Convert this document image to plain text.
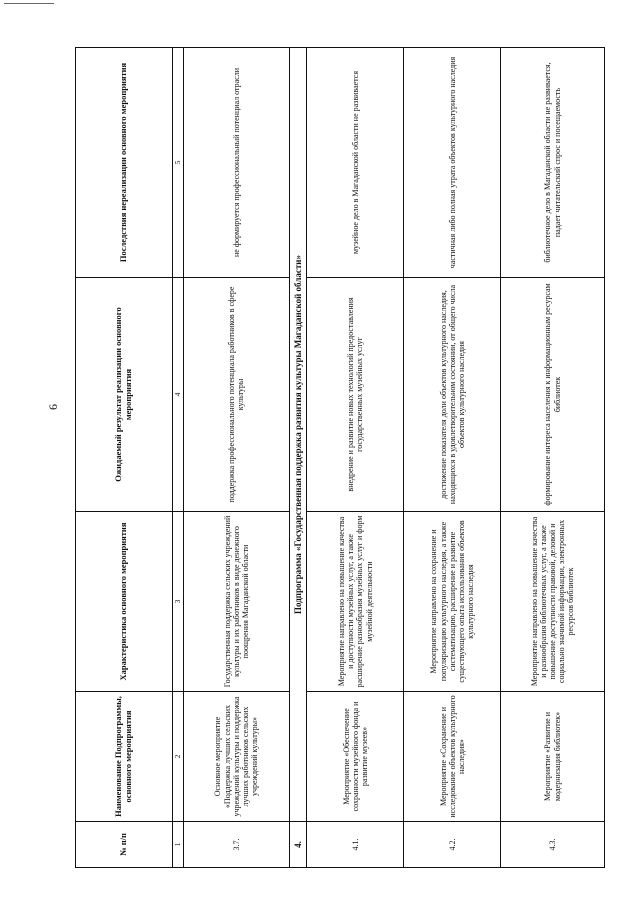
6
№ п/п	Наименование Подпрограммы, основного мероприятия	Характеристика основного мероприятия	Ожидаемый результат реализации основного мероприятия	Последствия нереализации основного мероприятия
1	2	3	4	5
3.7.	Основное мероприятие «Поддержка лучших сельских учреждений культуры и поддержка лучших работников сельских учреждений культуры»	Государственная поддержка сельских учреждений культуры и их работников в виде денежного поощрения Магаданской области	поддержка профессионального потенциала работников в сфере культуры	не формируется профессиональный потенциал отрасли
4.	Подпрограмма «Государственная поддержка развития культуры Магаданской области»			
4.1.	Мероприятие «Обеспечение сохранности музейного фонда и развитие музеев»	Мероприятие направлено на повышение качества и доступности музейных услуг, а также расширение разнообразия музейных услуг и форм музейной деятельности	внедрение и развитие новых технологий предоставления государственных музейных услуг	музейное дело в Магаданской области не развивается
4.2.	Мероприятие «Сохранение и исследование объектов культурного наследия»	Мероприятие направлено на сохранение и популяризацию культурного наследия, а также систематизацию, расширение и развитие существующего опыта использования объектов культурного наследия	достижение показателя доли объектов культурного наследия, находящихся в удовлетворительном состоянии, от общего числа объектов культурного наследия	частичная либо полная утрата объектов культурного наследия
4.3.	Мероприятие «Развитие и модернизация библиотек»	Мероприятие направлено на повышение качества и разнообразия библиотечных услуг, а также повышение доступности правовой, деловой и социально значимой информации, электронных ресурсов библиотек	формирование интереса населения к информационным ресурсам библиотек	библиотечное дело в Магаданской области не развивается, падает читательский спрос и посещаемость
